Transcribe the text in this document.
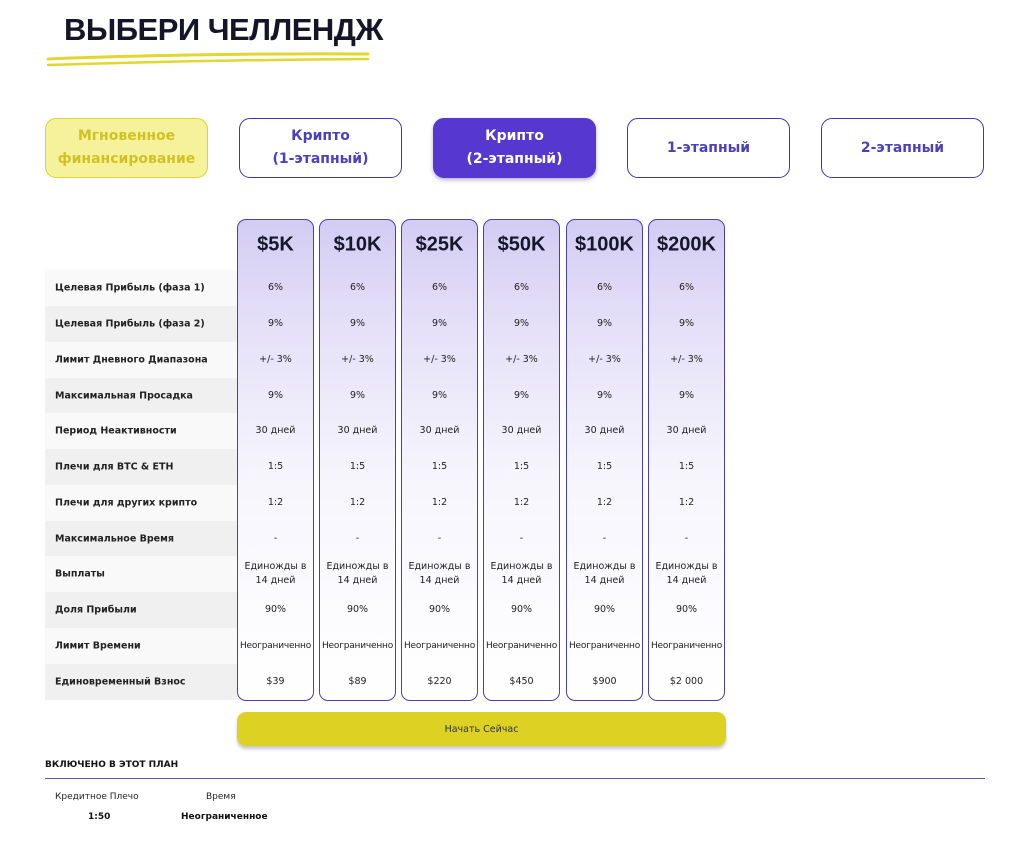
ВЫБЕРИ ЧЕЛЛЕНДЖ
Мгновенное
финансирование
Крипто
(1-этапный)
Крипто
(2-этапный)
1-этапный	2-этапный
Целевая Прибыль (фаза 1)
Целевая Прибыль (фаза 2)
Лимит Дневного Диапазона
Максимальная Просадка
Период Неактивности
Плечи для BTC & ETH
Плечи для других крипто
Максимальное Время
Выплаты
Доля Прибыли
Лимит Времени
Единовременный Взнос
$5K
6%
9%
+/- 3%
9%
30 дней
1:5
1:2
-
Единожды в
14 дней
90%
Неограниченно
$39
$10K
6%
9%
+/- 3%
9%
30 дней
1:5
1:2
-
Единожды в
14 дней
90%
Неограниченно
$89
$25K
6%
9%
+/- 3%
9%
30 дней
1:5
1:2
-
Единожды в
14 дней
90%
Неограниченно
$220
$50K
6%
9%
+/- 3%
9%
30 дней
1:5
1:2
-
Единожды в
14 дней
90%
Неограниченно
$450
$100K
6%
9%
+/- 3%
9%
30 дней
1:5
1:2
-
Единожды в
14 дней
90%
Неограниченно
$900
$200K
6%
9%
+/- 3%
9%
30 дней
1:5
1:2
-
Единожды в
14 дней
90%
Неограниченно
$2 000
Начать Сейчас
ВКЛЮЧЕНО В ЭТОТ ПЛАН
Кредитное Плечо
1:50
Время
Неограниченное
